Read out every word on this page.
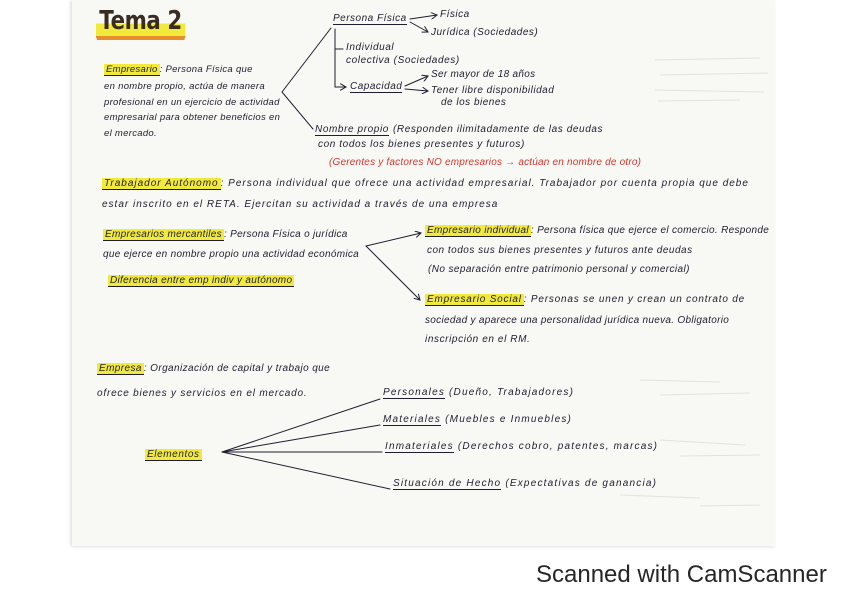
Tema 2
Empresario : Persona Física que
en nombre propio, actúa de manera
profesional en un ejercicio de actividad
empresarial para obtener beneficios en
el mercado.
Persona Física	Física
Jurídica (Sociedades)
Individual
colectiva (Sociedades)
Capacidad
Ser mayor de 18 años
Tener libre disponibilidad de los bienes
Nombre propio (Responden ilimitadamente de las deudas
con todos los bienes presentes y futuros)
(Gerentes y factores NO empresarios → actúan en nombre de otro)
Trabajador Autónomo : Persona individual que ofrece una actividad empresarial. Trabajador por cuenta propia que debe
estar inscrito en el RETA. Ejercitan su actividad a través de una empresa
Empresarios mercantiles : Persona Física o jurídica
que ejerce en nombre propio una actividad económica
Diferencia entre emp indiv y autónomo
Empresario individual : Persona física que ejerce el comercio. Responde
con todos sus bienes presentes y futuros ante deudas
(No separación entre patrimonio personal y comercial)
Empresario Social : Personas se unen y crean un contrato de
sociedad y aparece una personalidad jurídica nueva. Obligatorio
inscripción en el RM.
Empresa : Organización de capital y trabajo que
ofrece bienes y servicios en el mercado.
Elementos
Personales (Dueño, Trabajadores)
Materiales (Muebles e Inmuebles)
Inmateriales (Derechos cobro, patentes, marcas)
Situación de Hecho (Expectativas de ganancia)
Scanned with CamScanner
